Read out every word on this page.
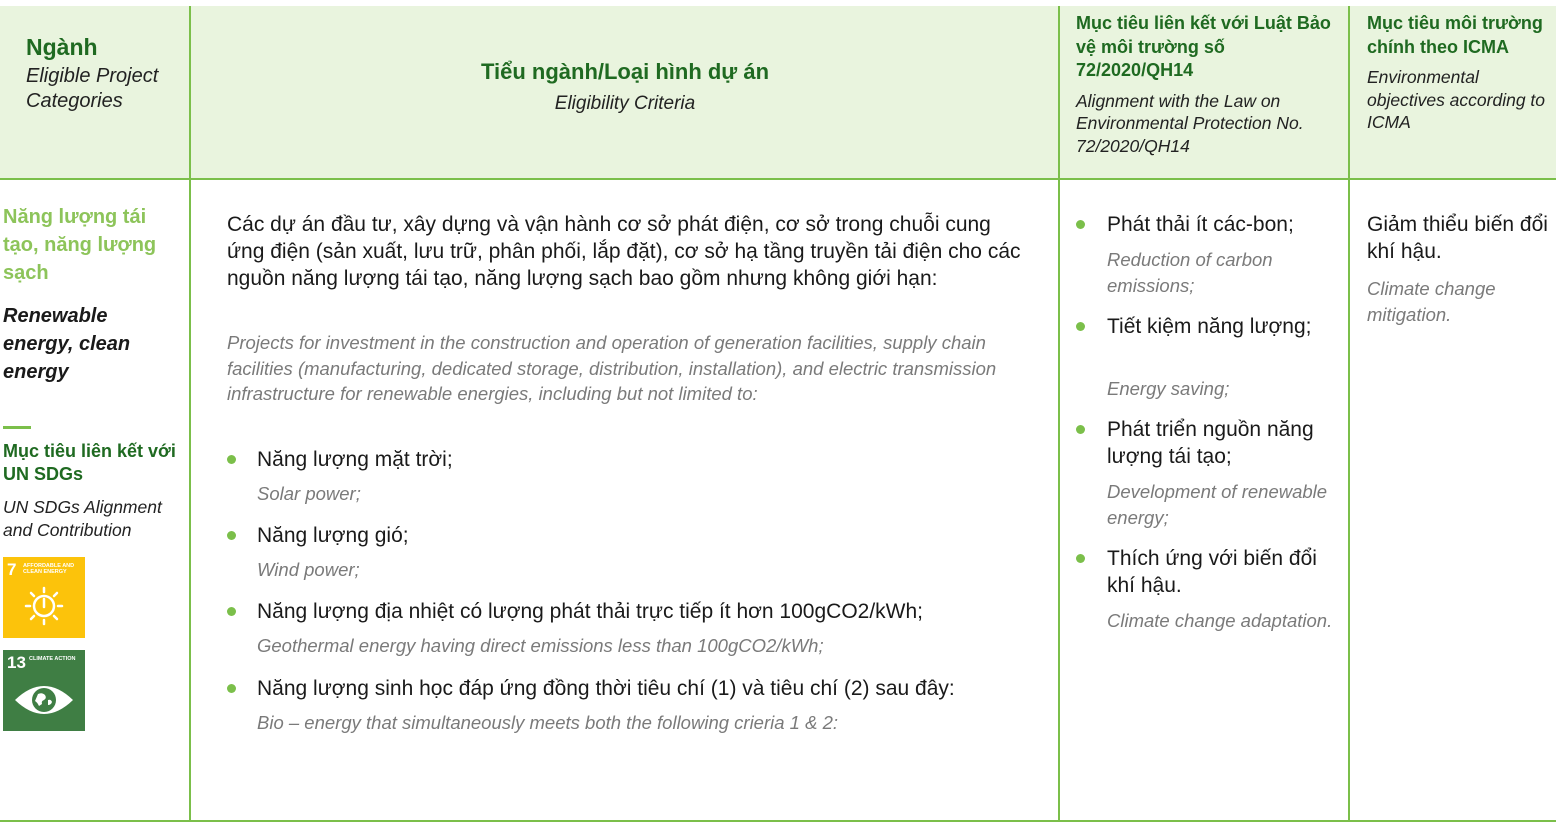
Ngành
Eligible Project Categories
Tiểu ngành/Loại hình dự án
Eligibility Criteria
Mục tiêu liên kết với Luật Bảo vệ môi trường số 72/2020/QH14
Alignment with the Law on Environmental Protection No. 72/2020/QH14
Mục tiêu môi trường chính theo ICMA
Environmental objectives according to ICMA
Năng lượng tái tạo, năng lượng sạch
Renewable energy, clean energy
Mục tiêu liên kết với UN SDGs
UN SDGs Alignment and Contribution
7 AFFORDABLE AND CLEAN ENERGY
13 CLIMATE ACTION
Các dự án đầu tư, xây dựng và vận hành cơ sở phát điện, cơ sở trong chuỗi cung ứng điện (sản xuất, lưu trữ, phân phối, lắp đặt), cơ sở hạ tầng truyền tải điện cho các nguồn năng lượng tái tạo, năng lượng sạch bao gồm nhưng không giới hạn:
Projects for investment in the construction and operation of generation facilities, supply chain facilities (manufacturing, dedicated storage, distribution, installation), and electric transmission infrastructure for renewable energies, including but not limited to:
Năng lượng mặt trời;
Solar power;
Năng lượng gió;
Wind power;
Năng lượng địa nhiệt có lượng phát thải trực tiếp ít hơn 100gCO2/kWh;
Geothermal energy having direct emissions less than 100gCO2/kWh;
Năng lượng sinh học đáp ứng đồng thời tiêu chí (1) và tiêu chí (2) sau đây:
Bio – energy that simultaneously meets both the following crieria 1 & 2:
Phát thải ít các-bon;
Reduction of carbon emissions;
Tiết kiệm năng lượng;
Energy saving;
Phát triển nguồn năng lượng tái tạo;
Development of renewable energy;
Thích ứng với biến đổi khí hậu.
Climate change adaptation.
Giảm thiểu biến đổi khí hậu.
Climate change mitigation.
